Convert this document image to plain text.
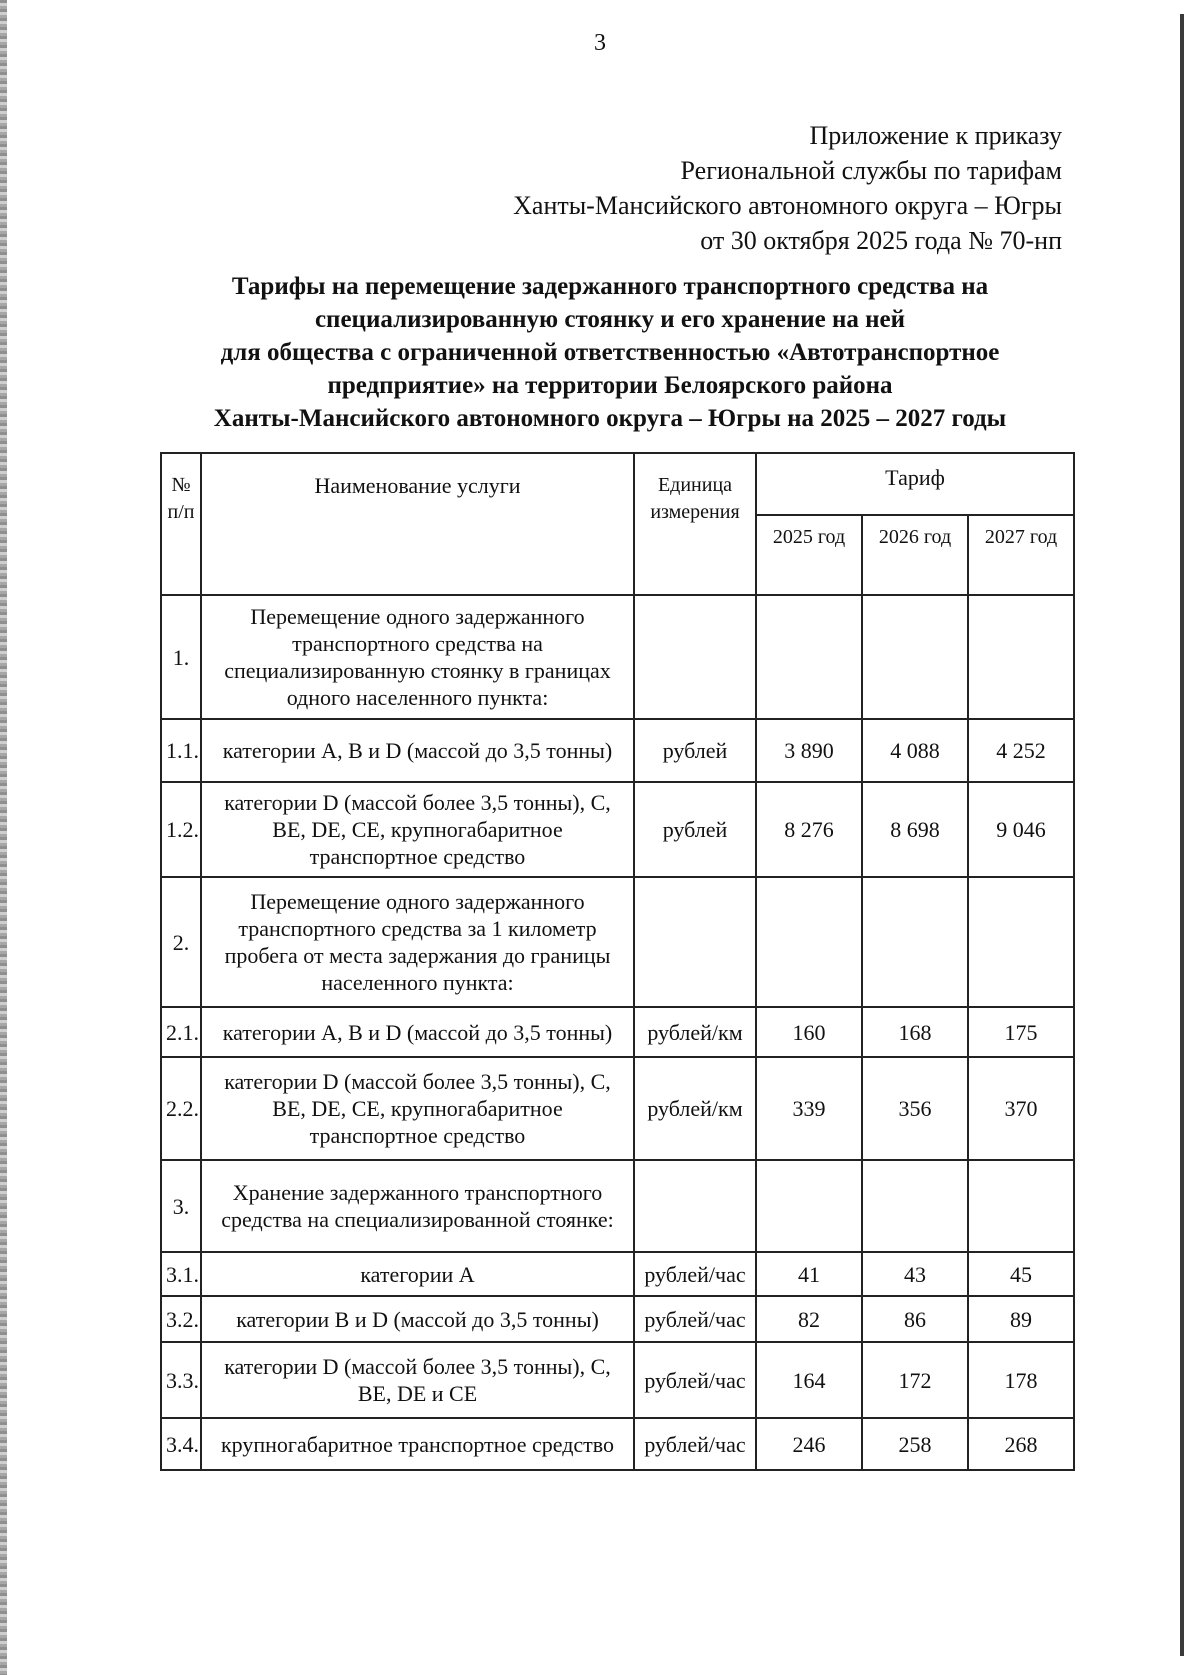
3
Приложение к приказу
Региональной службы по тарифам
Ханты-Мансийского автономного округа – Югры
от 30 октября 2025 года № 70-нп
Тарифы на перемещение задержанного транспортного средства на
специализированную стоянку и его хранение на ней
для общества с ограниченной ответственностью «Автотранспортное
предприятие» на территории Белоярского района
Ханты-Мансийского автономного округа – Югры на 2025 – 2027 годы
№ п/п	Наименование услуги	Единица измерения	Тариф		
			2025 год	2026 год	2027 год
1.	Перемещение одного задержанного транспортного средства на специализированную стоянку в границах одного населенного пункта:				
1.1.	категории A, B и D (массой до 3,5 тонны)	рублей	3 890	4 088	4 252
1.2.	категории D (массой более 3,5 тонны), C, BE, DE, CE, крупногабаритное транспортное средство	рублей	8 276	8 698	9 046
2.	Перемещение одного задержанного транспортного средства за 1 километр пробега от места задержания до границы населенного пункта:				
2.1.	категории A, B и D (массой до 3,5 тонны)	рублей/км	160	168	175
2.2.	категории D (массой более 3,5 тонны), C, BE, DE, CE, крупногабаритное транспортное средство	рублей/км	339	356	370
3.	Хранение задержанного транспортного средства на специализированной стоянке:				
3.1.	категории A	рублей/час	41	43	45
3.2.	категории B и D (массой до 3,5 тонны)	рублей/час	82	86	89
3.3.	категории D (массой более 3,5 тонны), C, BE, DE и CE	рублей/час	164	172	178
3.4.	крупногабаритное транспортное средство	рублей/час	246	258	268
